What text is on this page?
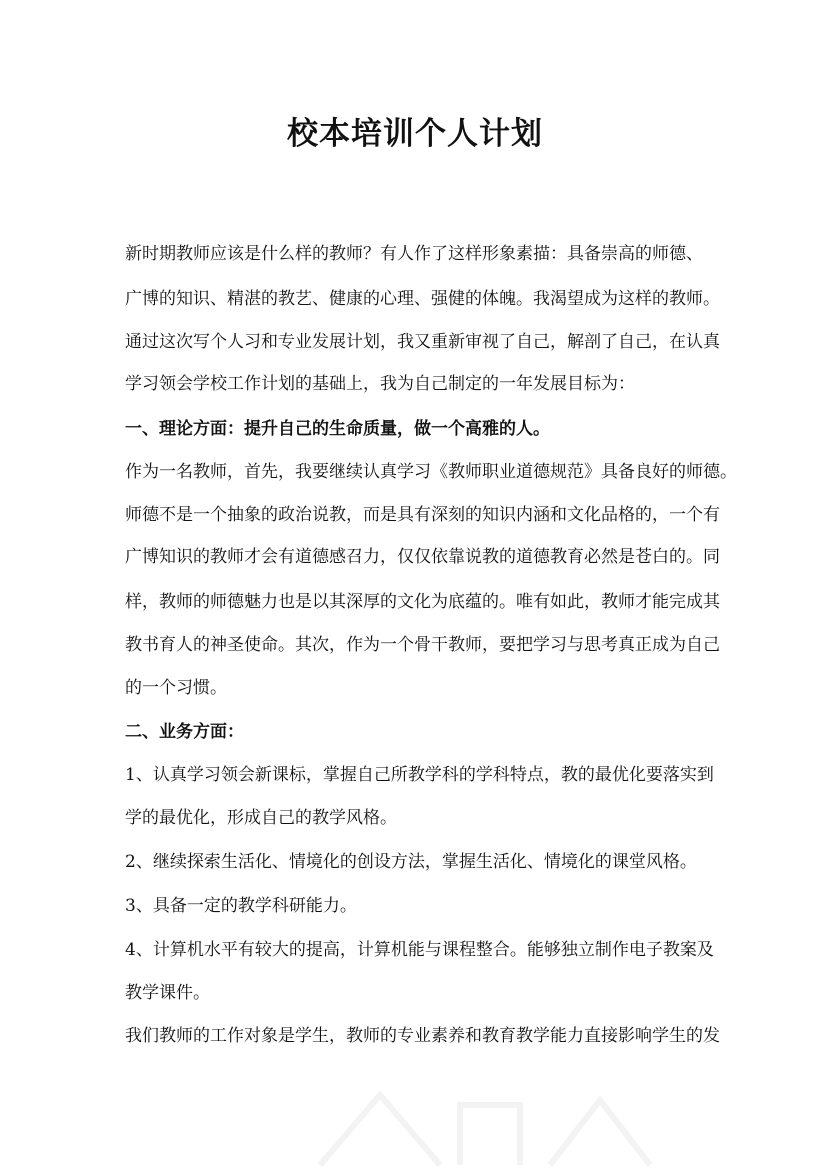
校本培训个人计划

新时期教师应该是什么样的教师？有人作了这样形象素描：具备崇高的师德、

广博的知识、精湛的教艺、健康的心理、强健的体魄。我渴望成为这样的教师。

通过这次写个人习和专业发展计划，我又重新审视了自己，解剖了自己，在认真

学习领会学校工作计划的基础上，我为自己制定的一年发展目标为：

一、理论方面：提升自己的生命质量，做一个高雅的人。

作为一名教师，首先，我要继续认真学习《教师职业道德规范》具备良好的师德。

师德不是一个抽象的政治说教，而是具有深刻的知识内涵和文化品格的，一个有

广博知识的教师才会有道德感召力，仅仅依靠说教的道德教育必然是苍白的。同

样，教师的师德魅力也是以其深厚的文化为底蕴的。唯有如此，教师才能完成其

教书育人的神圣使命。其次，作为一个骨干教师，要把学习与思考真正成为自己

的一个习惯。

二、业务方面：

1、认真学习领会新课标，掌握自己所教学科的学科特点，教的最优化要落实到

学的最优化，形成自己的教学风格。

2、继续探索生活化、情境化的创设方法，掌握生活化、情境化的课堂风格。

3、具备一定的教学科研能力。

4、计算机水平有较大的提高，计算机能与课程整合。能够独立制作电子教案及

教学课件。

我们教师的工作对象是学生，教师的专业素养和教育教学能力直接影响学生的发
